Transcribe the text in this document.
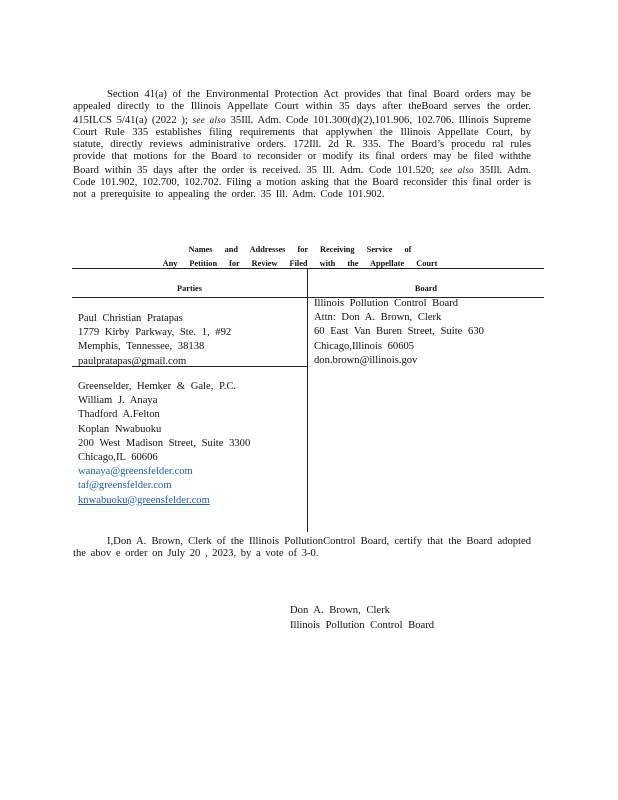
Section 41(a) of the Environmental Protection Act provides that final Board orders may be appealed directly to the Illinois Appellate Court within 35 days after theBoard serves the order. 415ILCS 5/41(a) (2022 ); see also 35Ill. Adm. Code 101.300(d)(2),101.906, 102.706. Illinois Supreme Court Rule 335 establishes filing requirements that applywhen the Illinois Appellate Court, by statute, directly reviews administrative orders. 172Ill. 2d R. 335. The Board’s procedu ral rules provide that motions for the Board to reconsider or modify its final orders may be filed withthe Board within 35 days after the order is received. 35 Ill. Adm. Code 101.520; see also 35Ill. Adm. Code 101.902, 102.700, 102.702. Filing a motion asking that the Board reconsider this final order is not a prerequisite to appealing the order. 35 Ill. Adm. Code 101.902.

Names and Addresses for Receiving Service of
Any Petition for Review Filed with the Appellate Court
Parties	Board
Paul Christian Pratapas
1779 Kirby Parkway, Ste. 1, #92
Memphis, Tennessee, 38138
paulpratapas@gmail.com
Greenselder, Hemker & Gale, P.C.
William J. Anaya
Thadford A.Felton
Koplan Nwabuoku
200 West Madison Street, Suite 3300
Chicago,IL 60606
wanaya@greensfelder.com
taf@greensfelder.com
knwabuoku@greensfelder.com
Illinois Pollution Control Board
Attn: Don A. Brown, Clerk
60 East Van Buren Street, Suite 630
Chicago,Illinois 60605
don.brown@illinois.gov

I,Don A. Brown, Clerk of the Illinois PollutionControl Board, certify that the Board adopted the abov e order on July 20 , 2023, by a vote of 3-0.

Don A. Brown, Clerk
Illinois Pollution Control Board
